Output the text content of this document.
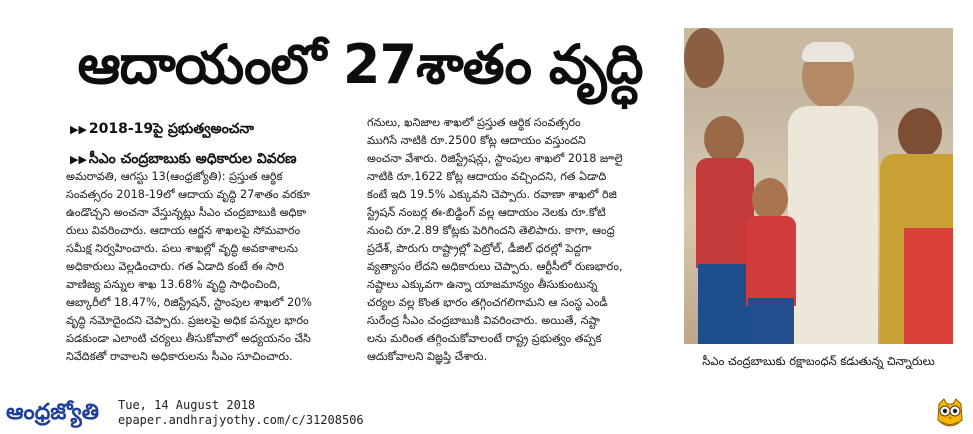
ఆదాయంలో 27శాతం వృద్ధి
▶▶ 2018-19పై ప్రభుత్వఅంచనా
▶▶ సీఎం చంద్రబాబుకు అధికారుల వివరణ
అమరావతి, ఆగస్టు 13(ఆంధ్రజ్యోతి): ప్రస్తుత ఆర్థిక
సంవత్సరం 2018-19లో ఆదాయ వృద్ధి 27శాతం వరకూ
ఉండొచ్చని అంచనా వేస్తున్నట్లు సీఎం చంద్రబాబుకి అధికా
రులు వివరించారు. ఆదాయ ఆర్జన శాఖలపై సోమవారం
సమీక్ష నిర్వహించారు. పలు శాఖల్లో వృద్ధి అవకాశాలను
అధికారులు వెల్లడించారు. గత ఏడాది కంటే ఈ సారి
వాణిజ్య పన్నుల శాఖ 13.68% వృద్ధి సాధించింది,
ఆబ్కారీలో 18.47%, రిజిస్ట్రేషన్, స్టాంపుల శాఖలో 20%
వృద్ధి నమోదైందని చెప్పారు. ప్రజలపై అధిక పన్నుల భారం
పడకుండా ఎలాంటి చర్యలు తీసుకోవాలో అధ్యయనం చేసి
నివేదికతో రావాలని అధికారులను సీఎం సూచించారు.
గనులు, ఖనిజాల శాఖలో ప్రస్తుత ఆర్థిక సంవత్సరం
ముగిసే నాటికి రూ.2500 కోట్ల ఆదాయం వస్తుందని
అంచనా వేశారు. రిజిస్ట్రేషన్లు, స్టాంపుల శాఖలో 2018 జూలై
నాటికి రూ.1622 కోట్ల ఆదాయం వచ్చిందని, గత ఏడాది
కంటే ఇది 19.5% ఎక్కువని చెప్పారు. రవాణా శాఖలో రిజి
స్ట్రేషన్ నంబర్ల ఈ-బిడ్డింగ్ వల్ల ఆదాయం నెలకు రూ.కోటి
నుంచి రూ.2.89 కోట్లకు పెరిగిందని తెలిపారు. కాగా, ఆంధ్ర
ప్రదేశ్, పొరుగు రాష్ట్రాల్లో పెట్రోల్, డీజిల్ ధరల్లో పెద్దగా
వ్యత్యాసం లేదని అధికారులు చెప్పారు. ఆర్టీసీలో రుణభారం,
నష్టాలు ఎక్కువగా ఉన్నా యాజమాన్యం తీసుకుంటున్న
చర్యల వల్ల కొంత భారం తగ్గించగలిగామని ఆ సంస్థ ఎండీ
సురేంద్ర సీఎం చంద్రబాబుకి వివరించారు. అయితే, నష్టా
లను మరింత తగ్గించుకోవాలంటే రాష్ట్ర ప్రభుత్వం తప్పక
ఆదుకోవాలని విజ్ఞప్తి చేశారు.	సీఎం చంద్రబాబుకు రక్షాబంధన్ కడుతున్న చిన్నారులు
ఆంధ్రజ్యోతి Tue, 14 August 2018
epaper.andhrajyothy.com/c/31208506
